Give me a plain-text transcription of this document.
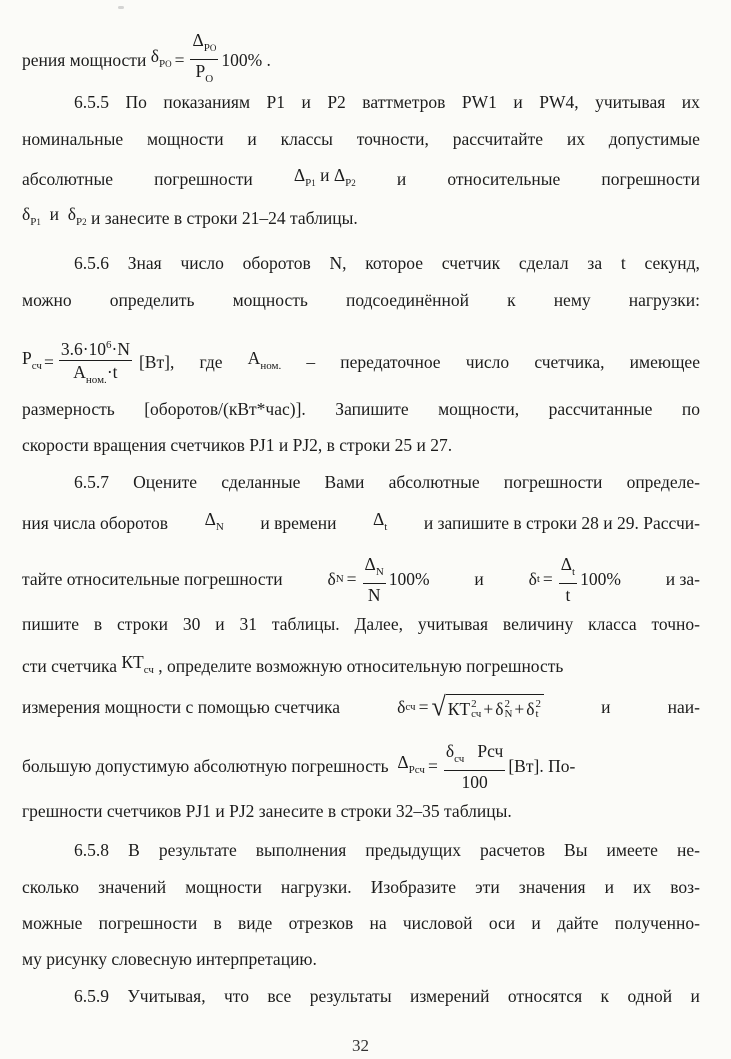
рения мощности
$\delta_{PO} = \frac{\Delta_{PO}}{P_O} 100\%$ .
6.5.5 По показаниям P1 и P2 ваттметров PW1 и PW4, учитывая их
номинальные мощности и классы точности, рассчитайте их допустимые
абсолютные погрешности $\Delta_{P1}$ и $\Delta_{P2}$ и относительные погрешности
$\delta_{P1}$ и $\delta_{P2}$
и занесите в строки 21–24 таблицы.
6.5.6 Зная число оборотов N, которое счетчик сделал за t секунд,
можно определить мощность подсоединённой к нему нагрузки:
$P_{сч} = \frac{3.6\cdot 10^6\cdot N}{A_{ном.}\cdot t} [Вт]$, где $A_{ном.}$ – передаточное число счетчика, имеющее
размерность [оборотов/(кВт*час)]. Запишите мощности, рассчитанные по
скорости вращения счетчиков PJ1 и PJ2, в строки 25 и 27.
6.5.7 Оцените сделанные Вами абсолютные погрешности определе-
ния числа оборотов $\Delta_N$ и времени $\Delta_t$ и запишите в строки 28 и 29. Рассчи-
тайте относительные погрешности	δ $N = \frac{\Delta_N}{N} 100\%$	и	δ $t = \frac{\Delta_t}{t} 100\%$	и за-
пишите в строки 30 и 31 таблицы. Далее, учитывая величину класса точно-
сти счетчика
$КТ_{сч}$
, определите возможную относительную погрешность
измерения мощности с помощью счетчика	δ сч = √ КТ 2
сч + δ 2
N + δ 2
t	и	наи-
большую допустимую абсолютную погрешность
$\Delta_{Pсч} = \frac{\delta_{сч} Pсч}{100} [Вт]$. По-
грешности счетчиков PJ1 и PJ2 занесите в строки 32–35 таблицы.
6.5.8 В результате выполнения предыдущих расчетов Вы имеете не-
сколько значений мощности нагрузки. Изобразите эти значения и их воз-
можные погрешности в виде отрезков на числовой оси и дайте полученно-
му рисунку словесную интерпретацию.
6.5.9 Учитывая, что все результаты измерений относятся к одной и
32
